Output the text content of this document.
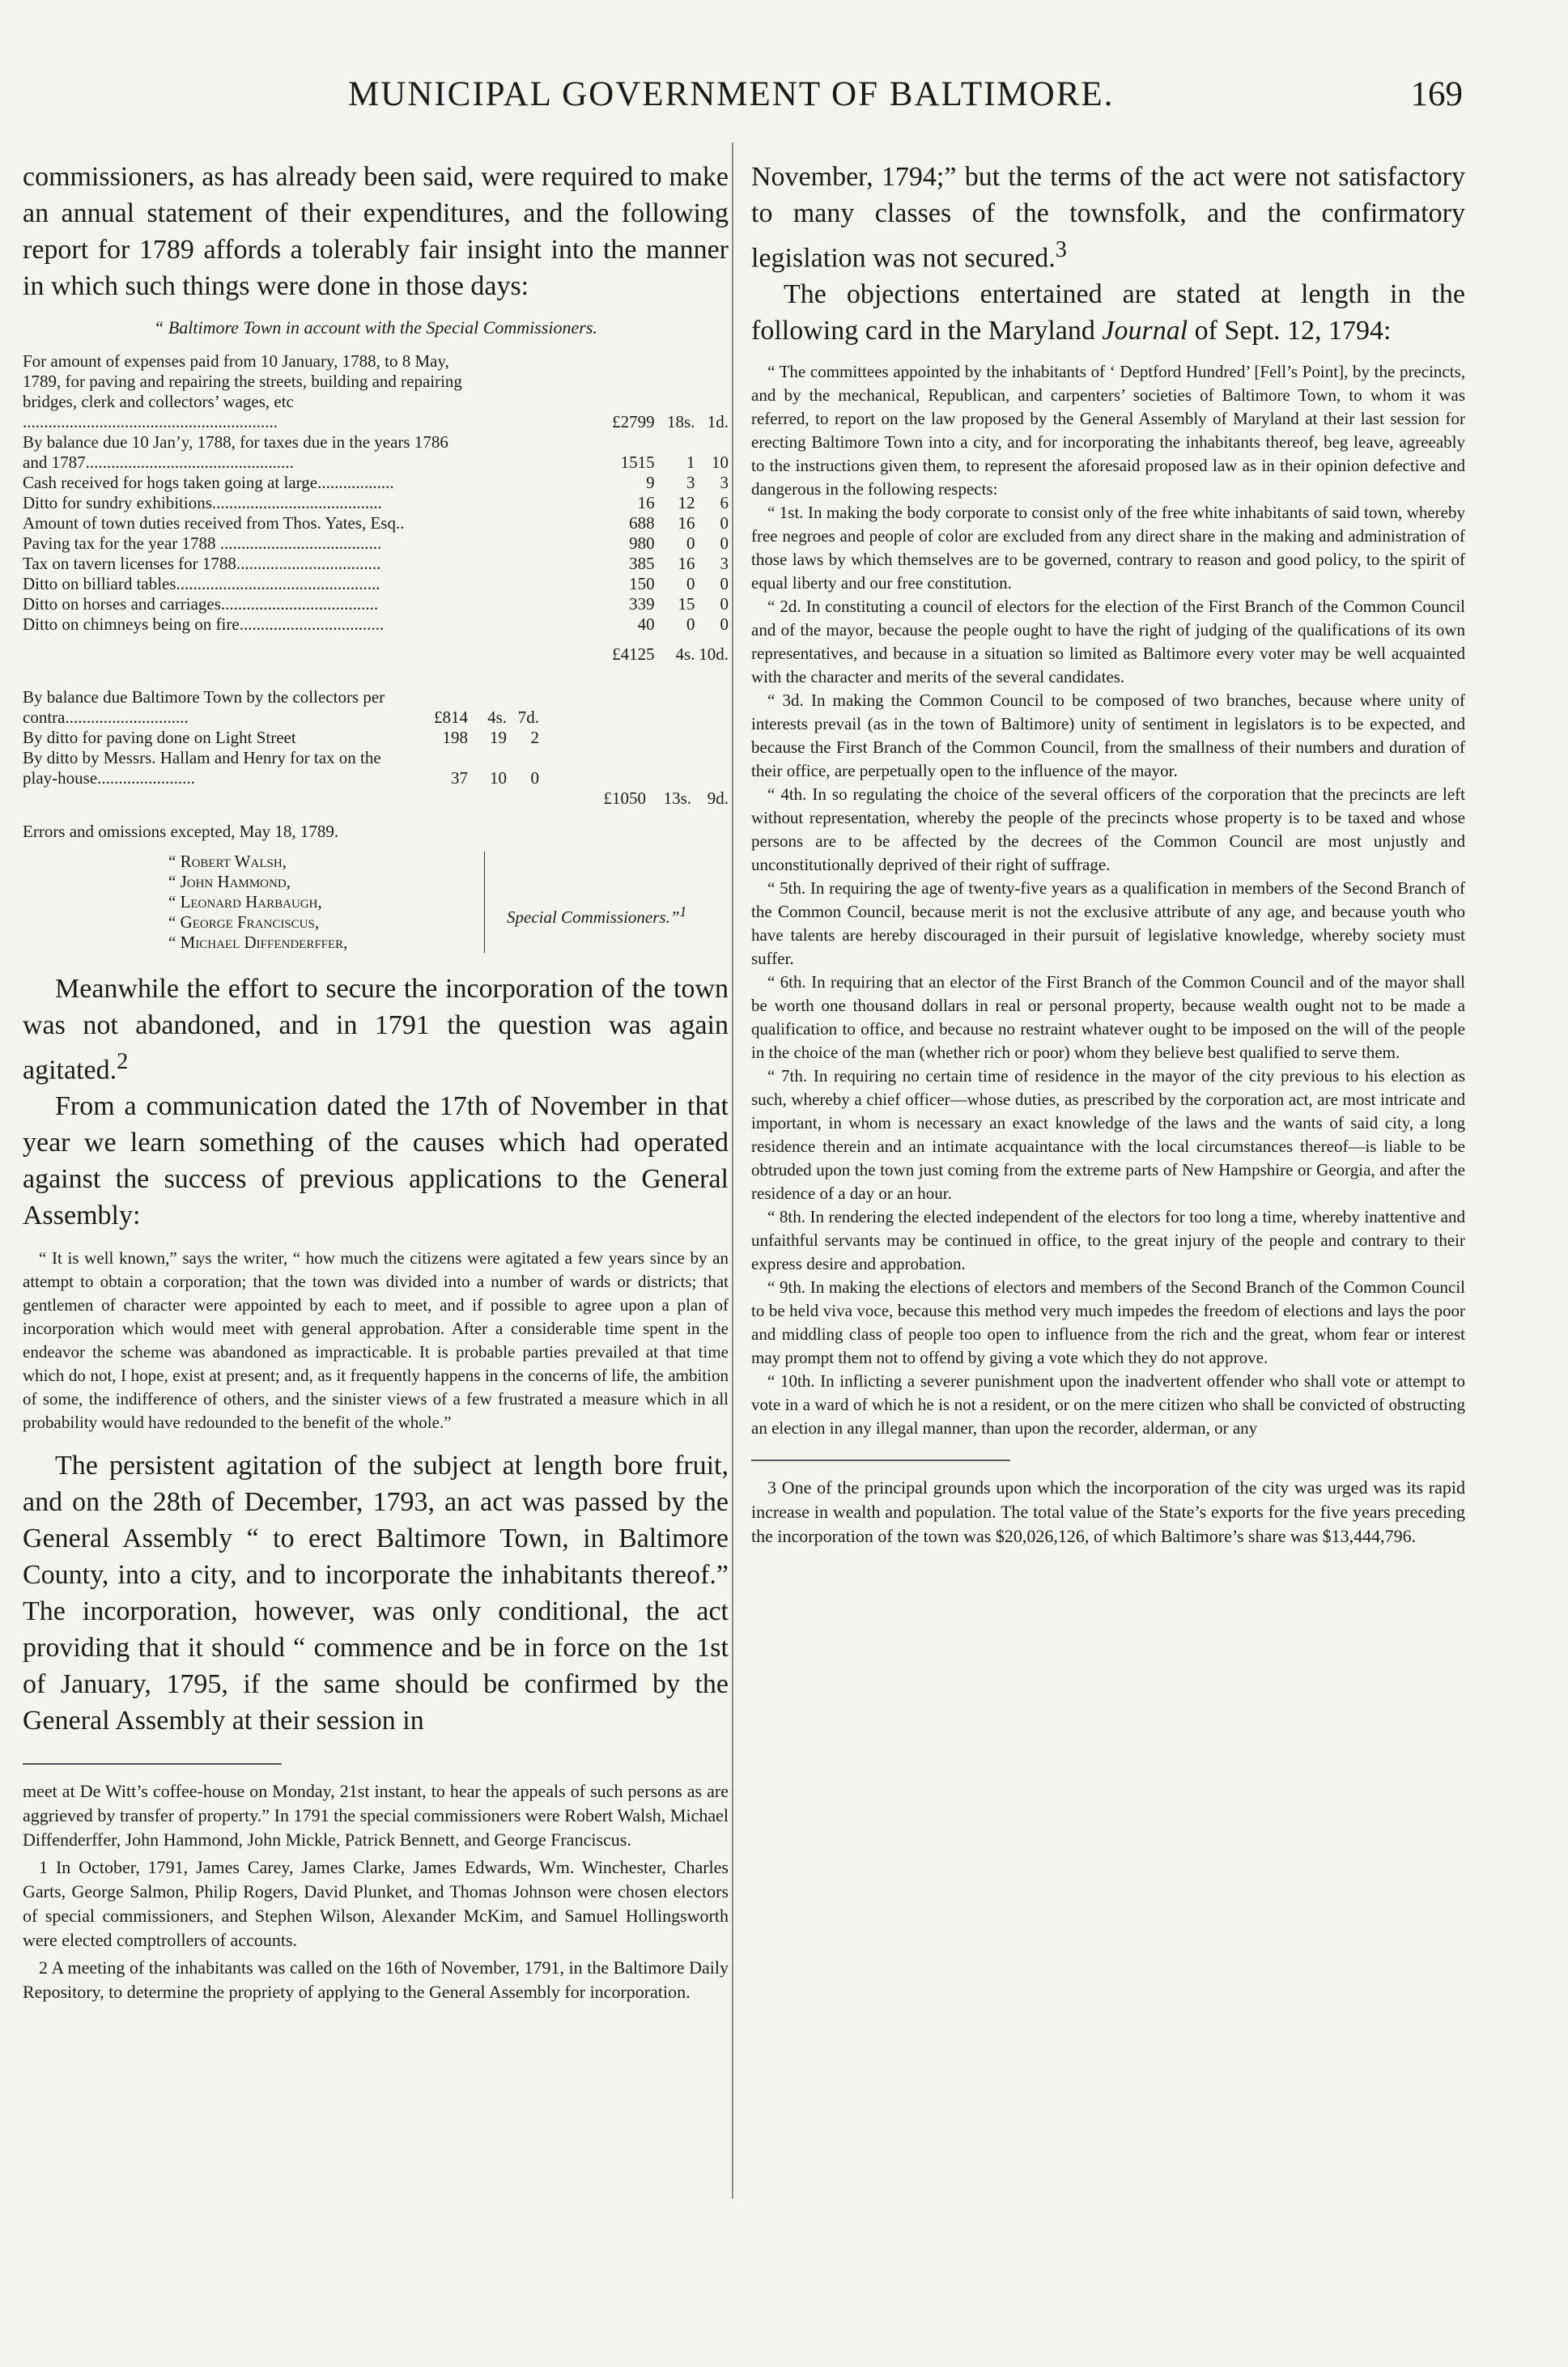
MUNICIPAL GOVERNMENT OF BALTIMORE.	169

commissioners, as has already been said, were required to make an annual statement of their expenditures, and the following report for 1789 affords a tolerably fair insight into the manner in which such things were done in those days:

“ Baltimore Town in account with the Special Commissioners.
For amount of expenses paid from 10 January, 1788, to 8 May, 1789, for paving and repairing the streets, building and repairing bridges, clerk and collectors’ wages, etc ............................................................				£2799	18s.	1d.
By balance due 10 Jan’y, 1788, for taxes due in the years 1786 and 1787.................................................				1515	1	10
Cash received for hogs taken going at large..................				9	3	3
Ditto for sundry exhibitions........................................				16	12	6
Amount of town duties received from Thos. Yates, Esq..				688	16	0
Paving tax for the year 1788 ......................................				980	0	0
Tax on tavern licenses for 1788..................................				385	16	3
Ditto on billiard tables................................................				150	0	0
Ditto on horses and carriages.....................................				339	15	0
Ditto on chimneys being on fire..................................				40	0	0

				£4125	4s.	10d.
By balance due Baltimore Town by the collectors per contra.............................	£814	4s.	7d.	
By ditto for paving done on Light Street	198	19	2	
By ditto by Messrs. Hallam and Henry for tax on the play-house.......................	37	10	0	
£1050 13s. 9d.				

Errors and omissions excepted, May 18, 1789.

“ Robert Walsh,
“ John Hammond,
“ Leonard Harbaugh,
“ George Franciscus,
“ Michael Diffenderffer,
Special Commissioners.”$^1$

Meanwhile the effort to secure the incorporation of the town was not abandoned, and in 1791 the question was again agitated.$^2$

From a communication dated the 17th of November in that year we learn something of the causes which had operated against the success of previous applications to the General Assembly:

“ It is well known,” says the writer, “ how much the citizens were agitated a few years since by an attempt to obtain a corporation; that the town was divided into a number of wards or districts; that gentlemen of character were appointed by each to meet, and if possible to agree upon a plan of incorporation which would meet with general approbation. After a considerable time spent in the endeavor the scheme was abandoned as impracticable. It is probable parties prevailed at that time which do not, I hope, exist at present; and, as it frequently happens in the concerns of life, the ambition of some, the indifference of others, and the sinister views of a few frustrated a measure which in all probability would have redounded to the benefit of the whole.”

The persistent agitation of the subject at length bore fruit, and on the 28th of December, 1793, an act was passed by the General Assembly “ to erect Baltimore Town, in Baltimore County, into a city, and to incorporate the inhabitants thereof.” The incorporation, however, was only conditional, the act providing that it should “ commence and be in force on the 1st of January, 1795, if the same should be confirmed by the General Assembly at their session in

meet at De Witt’s coffee-house on Monday, 21st instant, to hear the appeals of such persons as are aggrieved by transfer of property.” In 1791 the special commissioners were Robert Walsh, Michael Diffenderffer, John Hammond, John Mickle, Patrick Bennett, and George Franciscus.

1 In October, 1791, James Carey, James Clarke, James Edwards, Wm. Winchester, Charles Garts, George Salmon, Philip Rogers, David Plunket, and Thomas Johnson were chosen electors of special commissioners, and Stephen Wilson, Alexander McKim, and Samuel Hollingsworth were elected comptrollers of accounts.

2 A meeting of the inhabitants was called on the 16th of November, 1791, in the Baltimore Daily Repository, to determine the propriety of applying to the General Assembly for incorporation.

November, 1794;” but the terms of the act were not satisfactory to many classes of the townsfolk, and the confirmatory legislation was not secured.$^3$

The objections entertained are stated at length in the following card in the Maryland Journal of Sept. 12, 1794:

“ The committees appointed by the inhabitants of ‘ Deptford Hundred’ [Fell’s Point], by the precincts, and by the mechanical, Republican, and carpenters’ societies of Baltimore Town, to whom it was referred, to report on the law proposed by the General Assembly of Maryland at their last session for erecting Baltimore Town into a city, and for incorporating the inhabitants thereof, beg leave, agreeably to the instructions given them, to represent the aforesaid proposed law as in their opinion defective and dangerous in the following respects:

“ 1st. In making the body corporate to consist only of the free white inhabitants of said town, whereby free negroes and people of color are excluded from any direct share in the making and administration of those laws by which themselves are to be governed, contrary to reason and good policy, to the spirit of equal liberty and our free constitution.

“ 2d. In constituting a council of electors for the election of the First Branch of the Common Council and of the mayor, because the people ought to have the right of judging of the qualifications of its own representatives, and because in a situation so limited as Baltimore every voter may be well acquainted with the character and merits of the several candidates.

“ 3d. In making the Common Council to be composed of two branches, because where unity of interests prevail (as in the town of Baltimore) unity of sentiment in legislators is to be expected, and because the First Branch of the Common Council, from the smallness of their numbers and duration of their office, are perpetually open to the influence of the mayor.

“ 4th. In so regulating the choice of the several officers of the corporation that the precincts are left without representation, whereby the people of the precincts whose property is to be taxed and whose persons are to be affected by the decrees of the Common Council are most unjustly and unconstitutionally deprived of their right of suffrage.

“ 5th. In requiring the age of twenty-five years as a qualification in members of the Second Branch of the Common Council, because merit is not the exclusive attribute of any age, and because youth who have talents are hereby discouraged in their pursuit of legislative knowledge, whereby society must suffer.

“ 6th. In requiring that an elector of the First Branch of the Common Council and of the mayor shall be worth one thousand dollars in real or personal property, because wealth ought not to be made a qualification to office, and because no restraint whatever ought to be imposed on the will of the people in the choice of the man (whether rich or poor) whom they believe best qualified to serve them.

“ 7th. In requiring no certain time of residence in the mayor of the city previous to his election as such, whereby a chief officer—whose duties, as prescribed by the corporation act, are most intricate and important, in whom is necessary an exact knowledge of the laws and the wants of said city, a long residence therein and an intimate acquaintance with the local circumstances thereof—is liable to be obtruded upon the town just coming from the extreme parts of New Hampshire or Georgia, and after the residence of a day or an hour.

“ 8th. In rendering the elected independent of the electors for too long a time, whereby inattentive and unfaithful servants may be continued in office, to the great injury of the people and contrary to their express desire and approbation.

“ 9th. In making the elections of electors and members of the Second Branch of the Common Council to be held viva voce, because this method very much impedes the freedom of elections and lays the poor and middling class of people too open to influence from the rich and the great, whom fear or interest may prompt them not to offend by giving a vote which they do not approve.

“ 10th. In inflicting a severer punishment upon the inadvertent offender who shall vote or attempt to vote in a ward of which he is not a resident, or on the mere citizen who shall be convicted of obstructing an election in any illegal manner, than upon the recorder, alderman, or any

3 One of the principal grounds upon which the incorporation of the city was urged was its rapid increase in wealth and population. The total value of the State’s exports for the five years preceding the incorporation of the town was $20,026,126, of which Baltimore’s share was $13,444,796.
